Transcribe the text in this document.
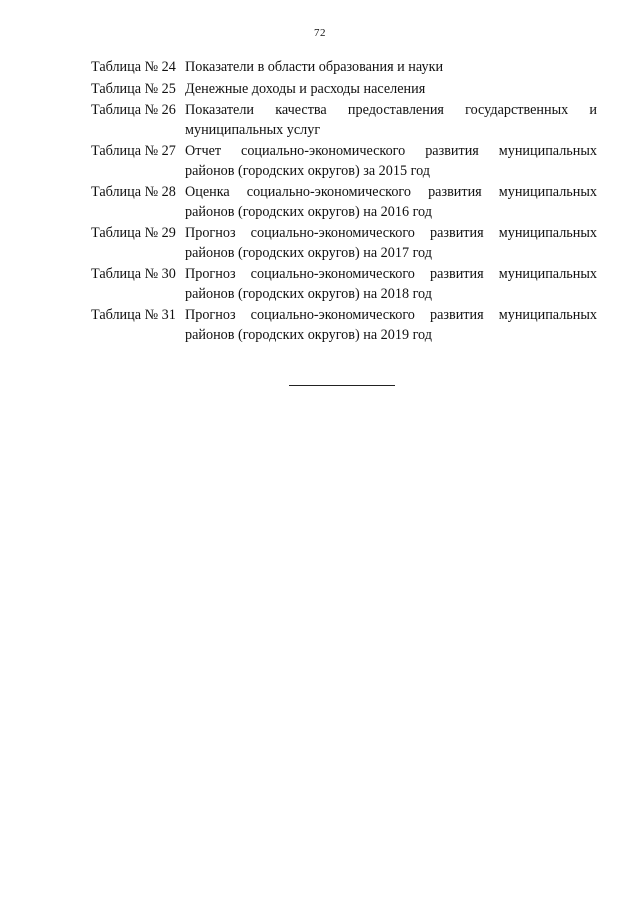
72
Таблица № 24 Показатели в области образования и науки
Таблица № 25 Денежные доходы и расходы населения
Таблица № 26 Показатели качества предоставления государственных и муниципальных услуг
Таблица № 27 Отчет социально-экономического развития муниципальных районов (городских округов) за 2015 год
Таблица № 28 Оценка социально-экономического развития муниципальных районов (городских округов) на 2016 год
Таблица № 29 Прогноз социально-экономического развития муниципальных районов (городских округов) на 2017 год
Таблица № 30 Прогноз социально-экономического развития муниципальных районов (городских округов) на 2018 год
Таблица № 31 Прогноз социально-экономического развития муниципальных районов (городских округов) на 2019 год
